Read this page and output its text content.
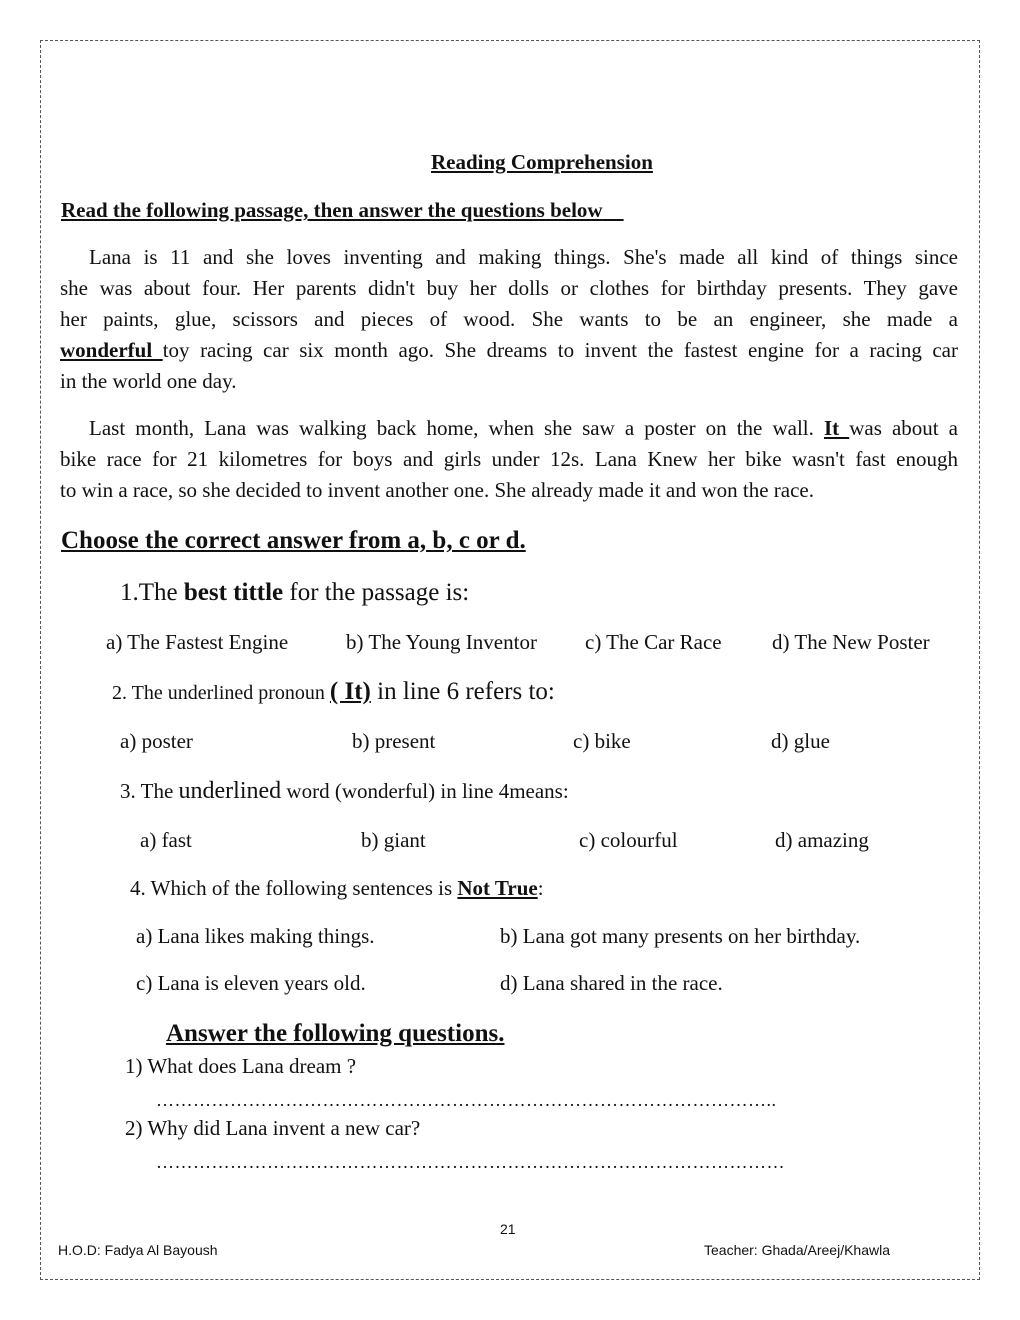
Reading Comprehension
Read the following passage, then answer the questions below
Lana is 11 and she loves inventing and making things. She's made all kind of things since
she was about four. Her parents didn't buy her dolls or clothes for birthday presents. They gave
her paints, glue, scissors and pieces of wood. She wants to be an engineer, she made a
wonderful toy racing car six month ago. She dreams to invent the fastest engine for a racing car
in the world one day.
Last month, Lana was walking back home, when she saw a poster on the wall. It was about a
bike race for 21 kilometres for boys and girls under 12s. Lana Knew her bike wasn't fast enough
to win a race, so she decided to invent another one. She already made it and won the race.
Choose the correct answer from a, b, c or d.
1.The best tittle for the passage is:
a) The Fastest Engine	b) The Young Inventor c) The Car Race d) The New Poster
2. The underlined pronoun ( It) in line 6 refers to:
a) poster	b) present	c) bike	d) glue
3. The underlined word (wonderful) in line 4means:
a) fast	b) giant	c) colourful	d) amazing
4. Which of the following sentences is Not True:
a) Lana likes making things.	b) Lana got many presents on her birthday.
c) Lana is eleven years old.	d) Lana shared in the race.
Answer the following questions.
1) What does Lana dream ?
………………………………………………………………………………………..
2) Why did Lana invent a new car?
…………………………………………………………………………………………
21
H.O.D: Fadya Al Bayoush	Teacher: Ghada/Areej/Khawla
